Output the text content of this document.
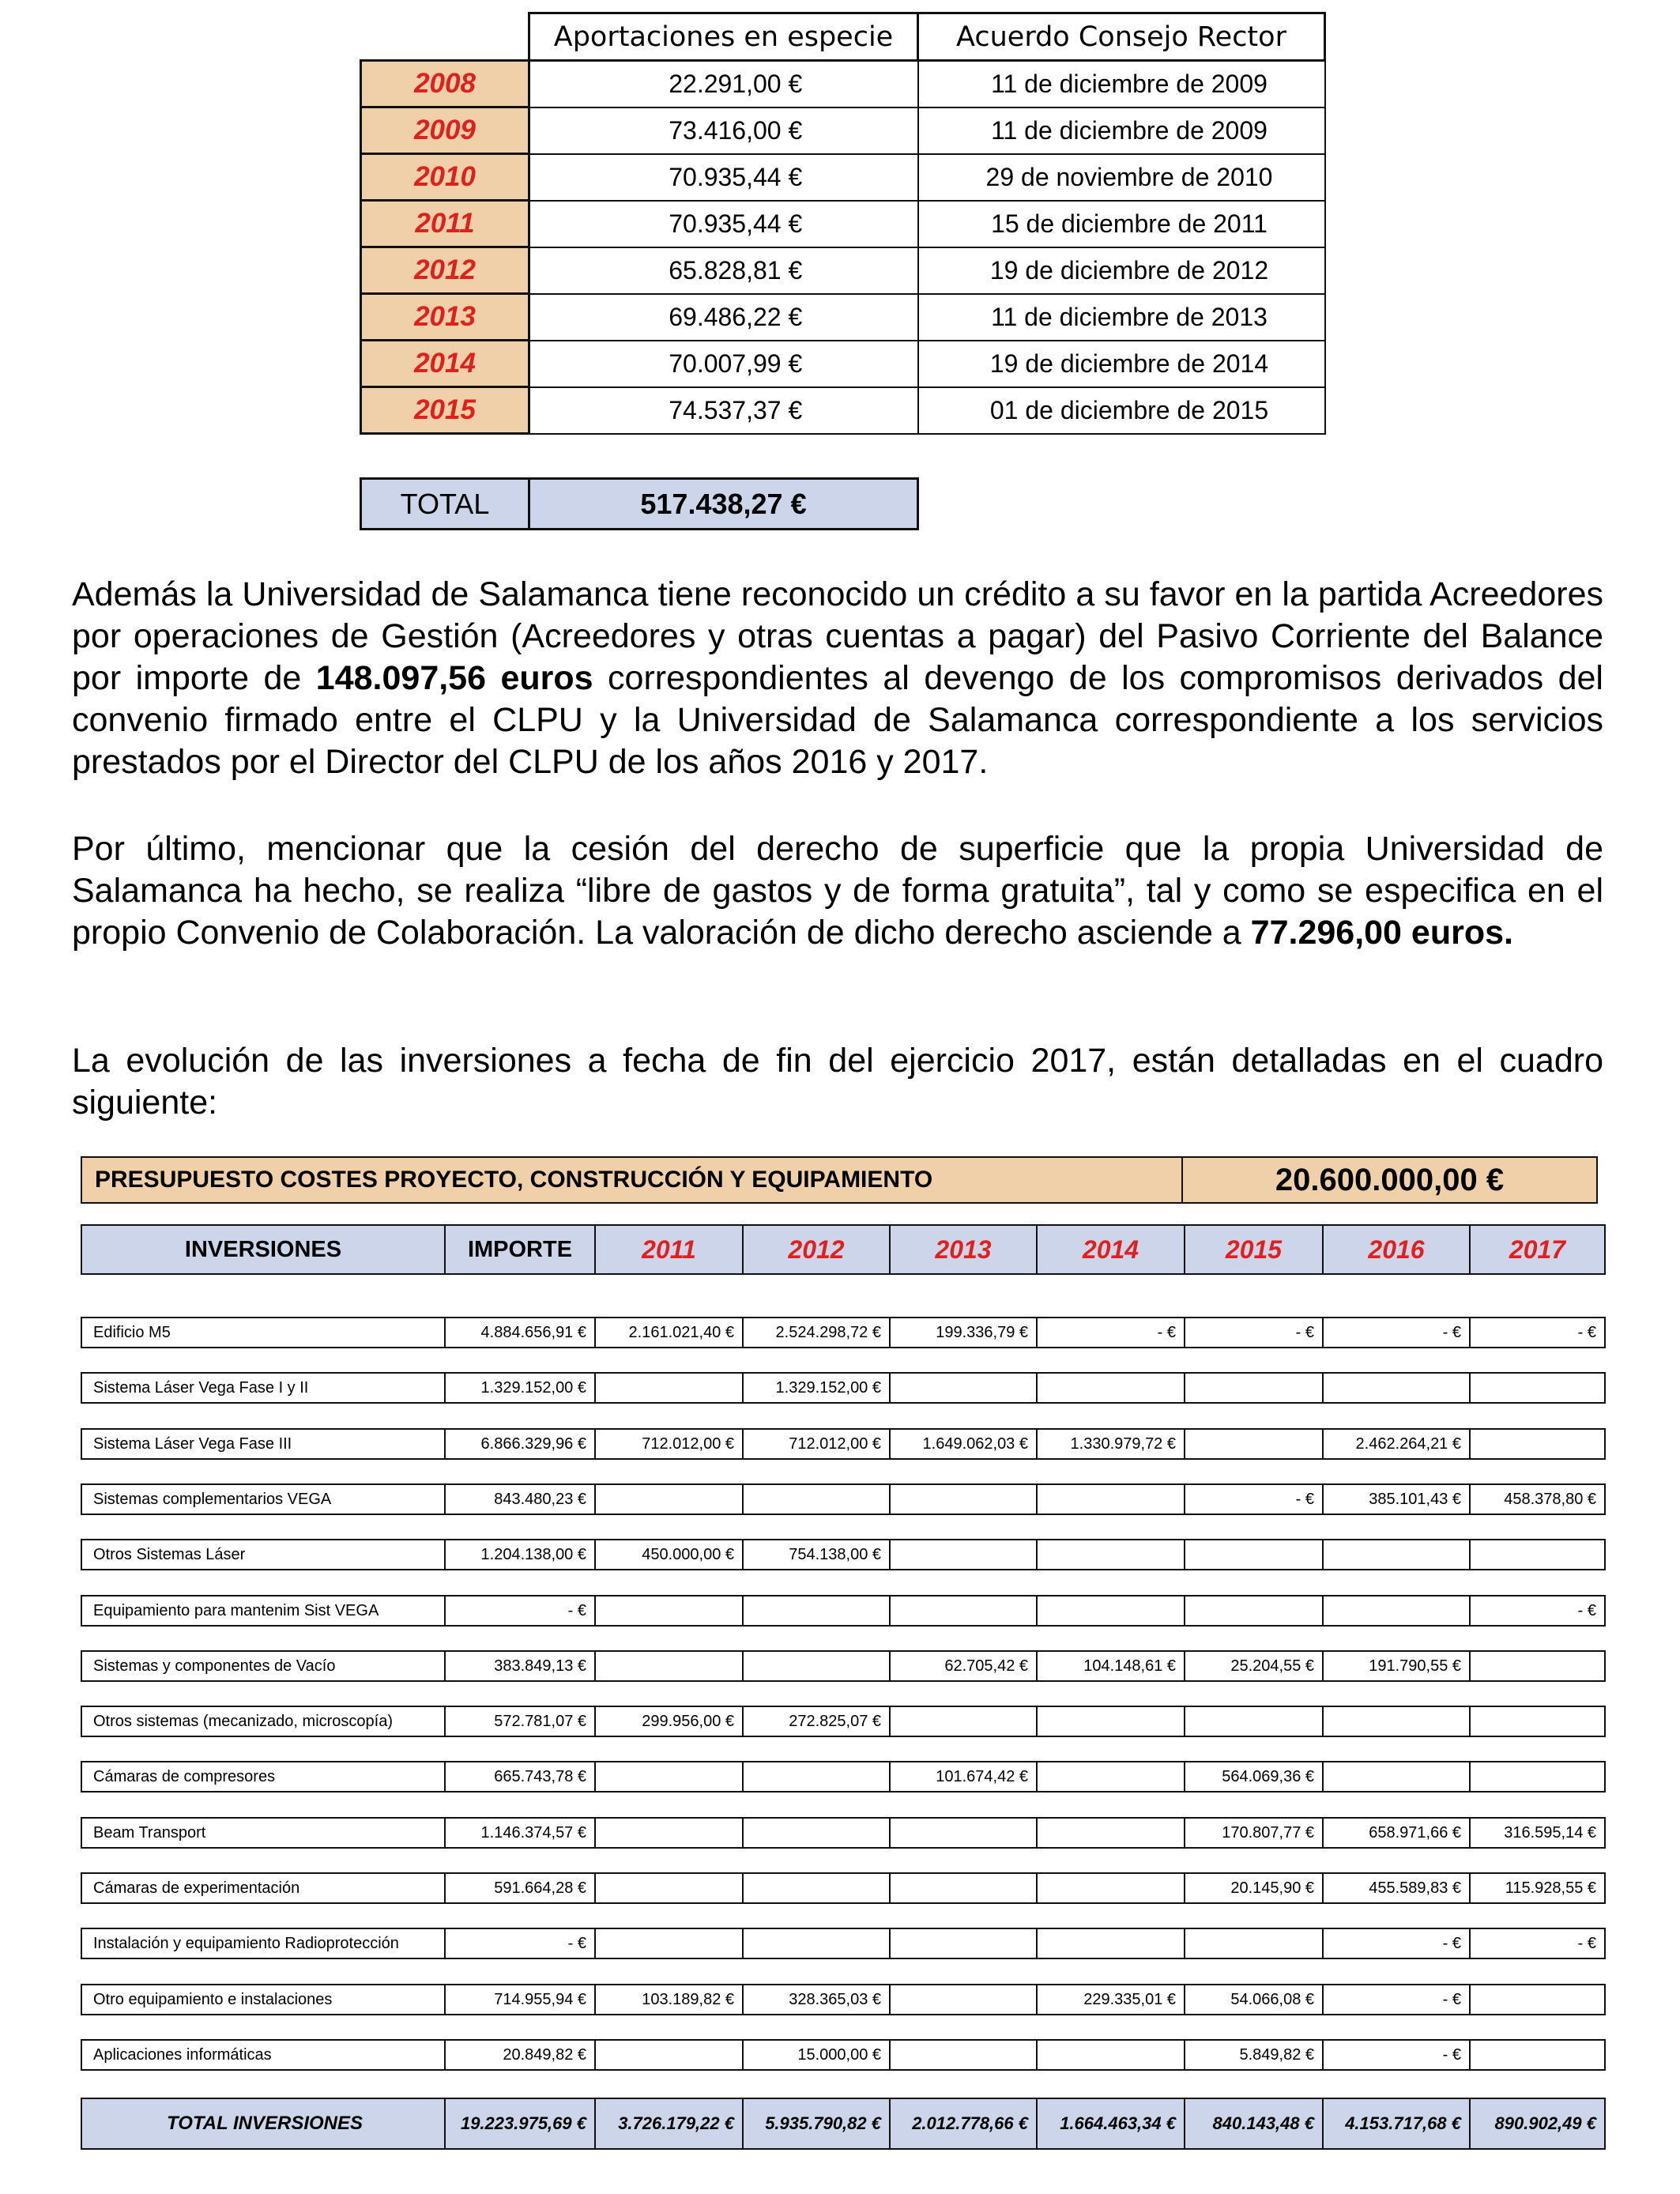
	Aportaciones en especie	Acuerdo Consejo Rector
2008	22.291,00 €	11 de diciembre de 2009
2009	73.416,00 €	11 de diciembre de 2009
2010	70.935,44 €	29 de noviembre de 2010
2011	70.935,44 €	15 de diciembre de 2011
2012	65.828,81 €	19 de diciembre de 2012
2013	69.486,22 €	11 de diciembre de 2013
2014	70.007,99 €	19 de diciembre de 2014
2015	74.537,37 €	01 de diciembre de 2015
TOTAL	517.438,27 €

Además la Universidad de Salamanca tiene reconocido un crédito a su favor en la partida Acreedores por operaciones de Gestión (Acreedores y otras cuentas a pagar) del Pasivo Corriente del Balance por importe de 148.097,56 euros correspondientes al devengo de los compromisos derivados del convenio firmado entre el CLPU y la Universidad de Salamanca correspondiente a los servicios prestados por el Director del CLPU de los años 2016 y 2017.

Por último, mencionar que la cesión del derecho de superficie que la propia Universidad de Salamanca ha hecho, se realiza “libre de gastos y de forma gratuita”, tal y como se especifica en el propio Convenio de Colaboración. La valoración de dicho derecho asciende a 77.296,00 euros.

La evolución de las inversiones a fecha de fin del ejercicio 2017, están detalladas en el cuadro siguiente:

PRESUPUESTO COSTES PROYECTO, CONSTRUCCIÓN Y EQUIPAMIENTO	20.600.000,00 €
INVERSIONES	IMPORTE	2011	2012	2013	2014	2015	2016	2017
Edificio M5	4.884.656,91 €	2.161.021,40 €	2.524.298,72 €	199.336,79 €	- €	- €	- €	- €
Sistema Láser Vega Fase I y II	1.329.152,00 €		1.329.152,00 €					
Sistema Láser Vega Fase III	6.866.329,96 €	712.012,00 €	712.012,00 €	1.649.062,03 €	1.330.979,72 €		2.462.264,21 €	
Sistemas complementarios VEGA	843.480,23 €					- €	385.101,43 €	458.378,80 €
Otros Sistemas Láser	1.204.138,00 €	450.000,00 €	754.138,00 €					
Equipamiento para mantenim Sist VEGA	- €							- €
Sistemas y componentes de Vacío	383.849,13 €			62.705,42 €	104.148,61 €	25.204,55 €	191.790,55 €	
Otros sistemas (mecanizado, microscopía)	572.781,07 €	299.956,00 €	272.825,07 €					
Cámaras de compresores	665.743,78 €			101.674,42 €		564.069,36 €		
Beam Transport	1.146.374,57 €					170.807,77 €	658.971,66 €	316.595,14 €
Cámaras de experimentación	591.664,28 €					20.145,90 €	455.589,83 €	115.928,55 €
Instalación y equipamiento Radioprotección	- €						- €	- €
Otro equipamiento e instalaciones	714.955,94 €	103.189,82 €	328.365,03 €		229.335,01 €	54.066,08 €	- €	
Aplicaciones informáticas	20.849,82 €		15.000,00 €			5.849,82 €	- €	
TOTAL INVERSIONES	19.223.975,69 €	3.726.179,22 €	5.935.790,82 €	2.012.778,66 €	1.664.463,34 €	840.143,48 €	4.153.717,68 €	890.902,49 €
